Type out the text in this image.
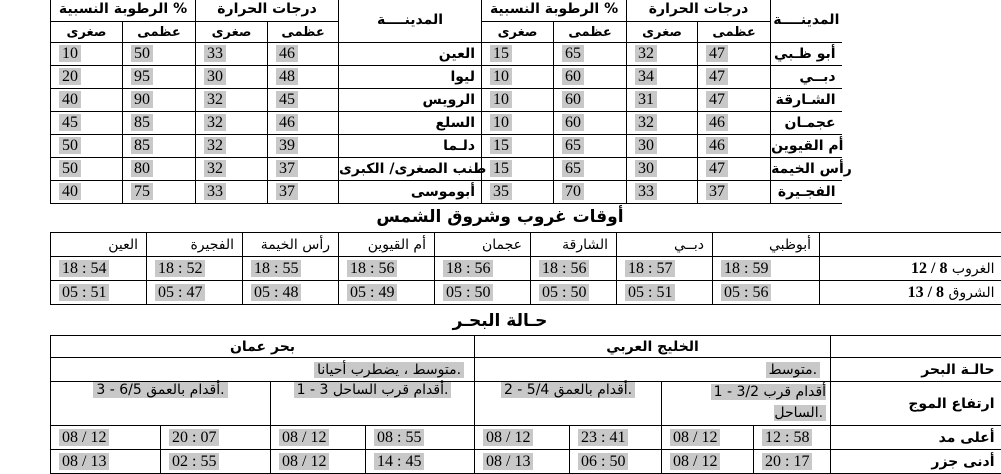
الرطوبة النسبية %		درجات الحرارة		المدينــــة	الرطوبة النسبية %		درجات الحرارة		المدينــــة
صغرى	عظمى	صغرى	عظمى		صغرى	عظمى	صغرى	عظمى	
10	50	33	46	العين	15	65	32	47	أبو ظـبي
20	95	30	48	ليوا	10	60	34	47	دبــي
40	90	32	45	الرويس	10	60	31	47	الشـارقة
45	85	32	46	السلع	10	60	32	46	عجمـان
50	85	32	39	دلـما	15	65	30	46	أم القيوين
50	80	32	37	طنب الصغرى/ الكبرى	15	65	30	47	رأس الخيمة
40	75	33	37	أبوموسى	35	70	33	37	الفجـيرة
أوقات غروب وشروق الشمس
العين	الفجيرة	رأس الخيمة	أم القيوين	عجمان	الشارقة	دبــي	أبوظبي	
18 : 54	18 : 52	18 : 55	18 : 56	18 : 56	18 : 56	18 : 57	18 : 59	12 / 8 الغروب
05 : 51	05 : 47	05 : 48	05 : 49	05 : 50	05 : 50	05 : 51	05 : 56	13 / 8 الشروق
حـالة البحـر
بحر عمان				الخليج العربي				
متوسط ، يضطرب أحيانا.				متوسط.				حالـة البحر
3 - 6/5 أقدام بالعمق.		1 - 3 أقدام قرب الساحل.		2 - 5/4 أقدام بالعمق.		1 - 3/2 أقدام قرب الساحل.		ارتفاع الموج
08 / 12	20 : 07	08 / 12	08 : 55	08 / 12	23 : 41	08 / 12	12 : 58	أعلى مد
08 / 13	02 : 55	08 / 12	14 : 45	08 / 13	06 : 50	08 / 12	20 : 17	أدنى جزر
